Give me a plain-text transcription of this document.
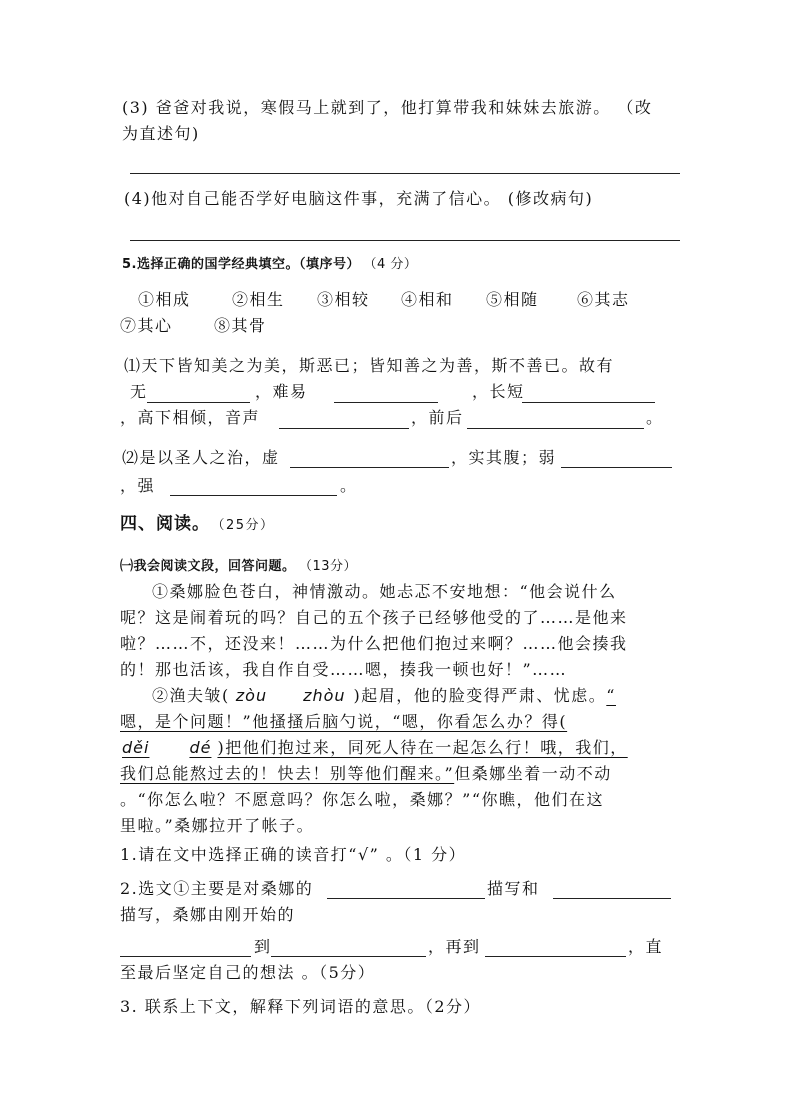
(3) 爸爸对我说，寒假马上就到了，他打算带我和妹妹去旅游。 （改
为直述句)
(4)他对自己能否学好电脑这件事，充满了信心。 (修改病句)
5.选择正确的国学经典填空。（填序号） （4 分）
①相成	②相生 ③相较 ④相和 ⑤相随 ⑥其志
⑦其心	⑧其骨
⑴天下皆知美之为美，斯恶已；皆知善之为善，斯不善已。故有
无	，难易	，长短
，高下相倾，音声	，前后	。
⑵是以圣人之治，虚	，实其腹；弱
，强	。
四、阅读。 （25分）
㈠我会阅读文段，回答问题。 （13分）
①桑娜脸色苍白，神情激动。她忐忑不安地想：“他会说什么
呢？这是闹着玩的吗？自己的五个孩子已经够他受的了……是他来
啦？……不，还没来！……为什么把他们抱过来啊？……他会揍我
的！那也活该，我自作自受……嗯，揍我一顿也好！”……
②渔夫皱( zòu zhòu )起眉，他的脸变得严肃、忧虑。“
嗯，是个问题！”他搔搔后脑勺说，“嗯，你看怎么办？得(
děi	dé )把他们抱过来，同死人待在一起怎么行！哦，我们，
我们总能熬过去的！快去！别等他们醒来。”但桑娜坐着一动不动
。“你怎么啦？不愿意吗？你怎么啦，桑娜？”“你瞧，他们在这
里啦。”桑娜拉开了帐子。
1.请在文中选择正确的读音打“√” 。（1 分）
2.选文①主要是对桑娜的	描写和
描写，桑娜由刚开始的
到	，再到	，直
至最后坚定自己的想法 。（5分）
3. 联系上下文，解释下列词语的意思。（2分）
